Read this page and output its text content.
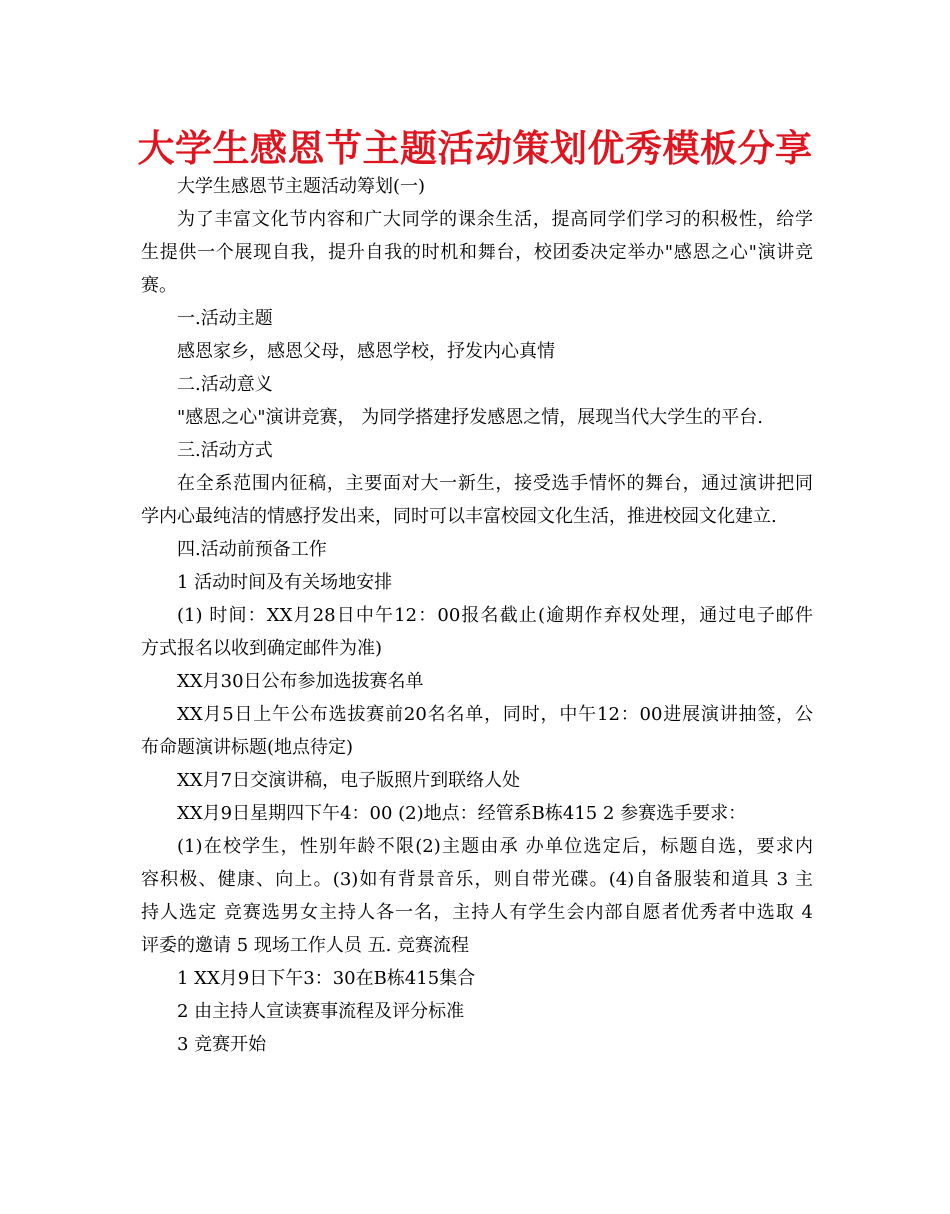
大学生感恩节主题活动策划优秀模板分享
大学生感恩节主题活动筹划(一)
为了丰富文化节内容和广大同学的课余生活，提高同学们学习的积极性，给学
生提供一个展现自我，提升自我的时机和舞台，校团委决定举办"感恩之心"演讲竞
赛。
一.活动主题
感恩家乡，感恩父母，感恩学校，抒发内心真情
二.活动意义
"感恩之心"演讲竞赛， 为同学搭建抒发感恩之情，展现当代大学生的平台.
三.活动方式
在全系范围内征稿，主要面对大一新生，接受选手情怀的舞台，通过演讲把同
学内心最纯洁的情感抒发出来，同时可以丰富校园文化生活，推进校园文化建立.
四.活动前预备工作
1 活动时间及有关场地安排
(1) 时间：XX月28日中午12：00报名截止(逾期作弃权处理，通过电子邮件
方式报名以收到确定邮件为准)
XX月30日公布参加选拔赛名单
XX月5日上午公布选拔赛前20名名单，同时，中午12：00进展演讲抽签，公
布命题演讲标题(地点待定)
XX月7日交演讲稿，电子版照片到联络人处
XX月9日星期四下午4：00 (2)地点：经管系B栋415 2 参赛选手要求：
(1)在校学生，性别年龄不限(2)主题由承 办单位选定后，标题自选，要求内
容积极、健康、向上。(3)如有背景音乐，则自带光碟。(4)自备服装和道具 3 主
持人选定 竞赛选男女主持人各一名，主持人有学生会内部自愿者优秀者中选取 4
评委的邀请 5 现场工作人员 五. 竞赛流程
1 XX月9日下午3：30在B栋415集合
2 由主持人宣读赛事流程及评分标准
3 竞赛开始
